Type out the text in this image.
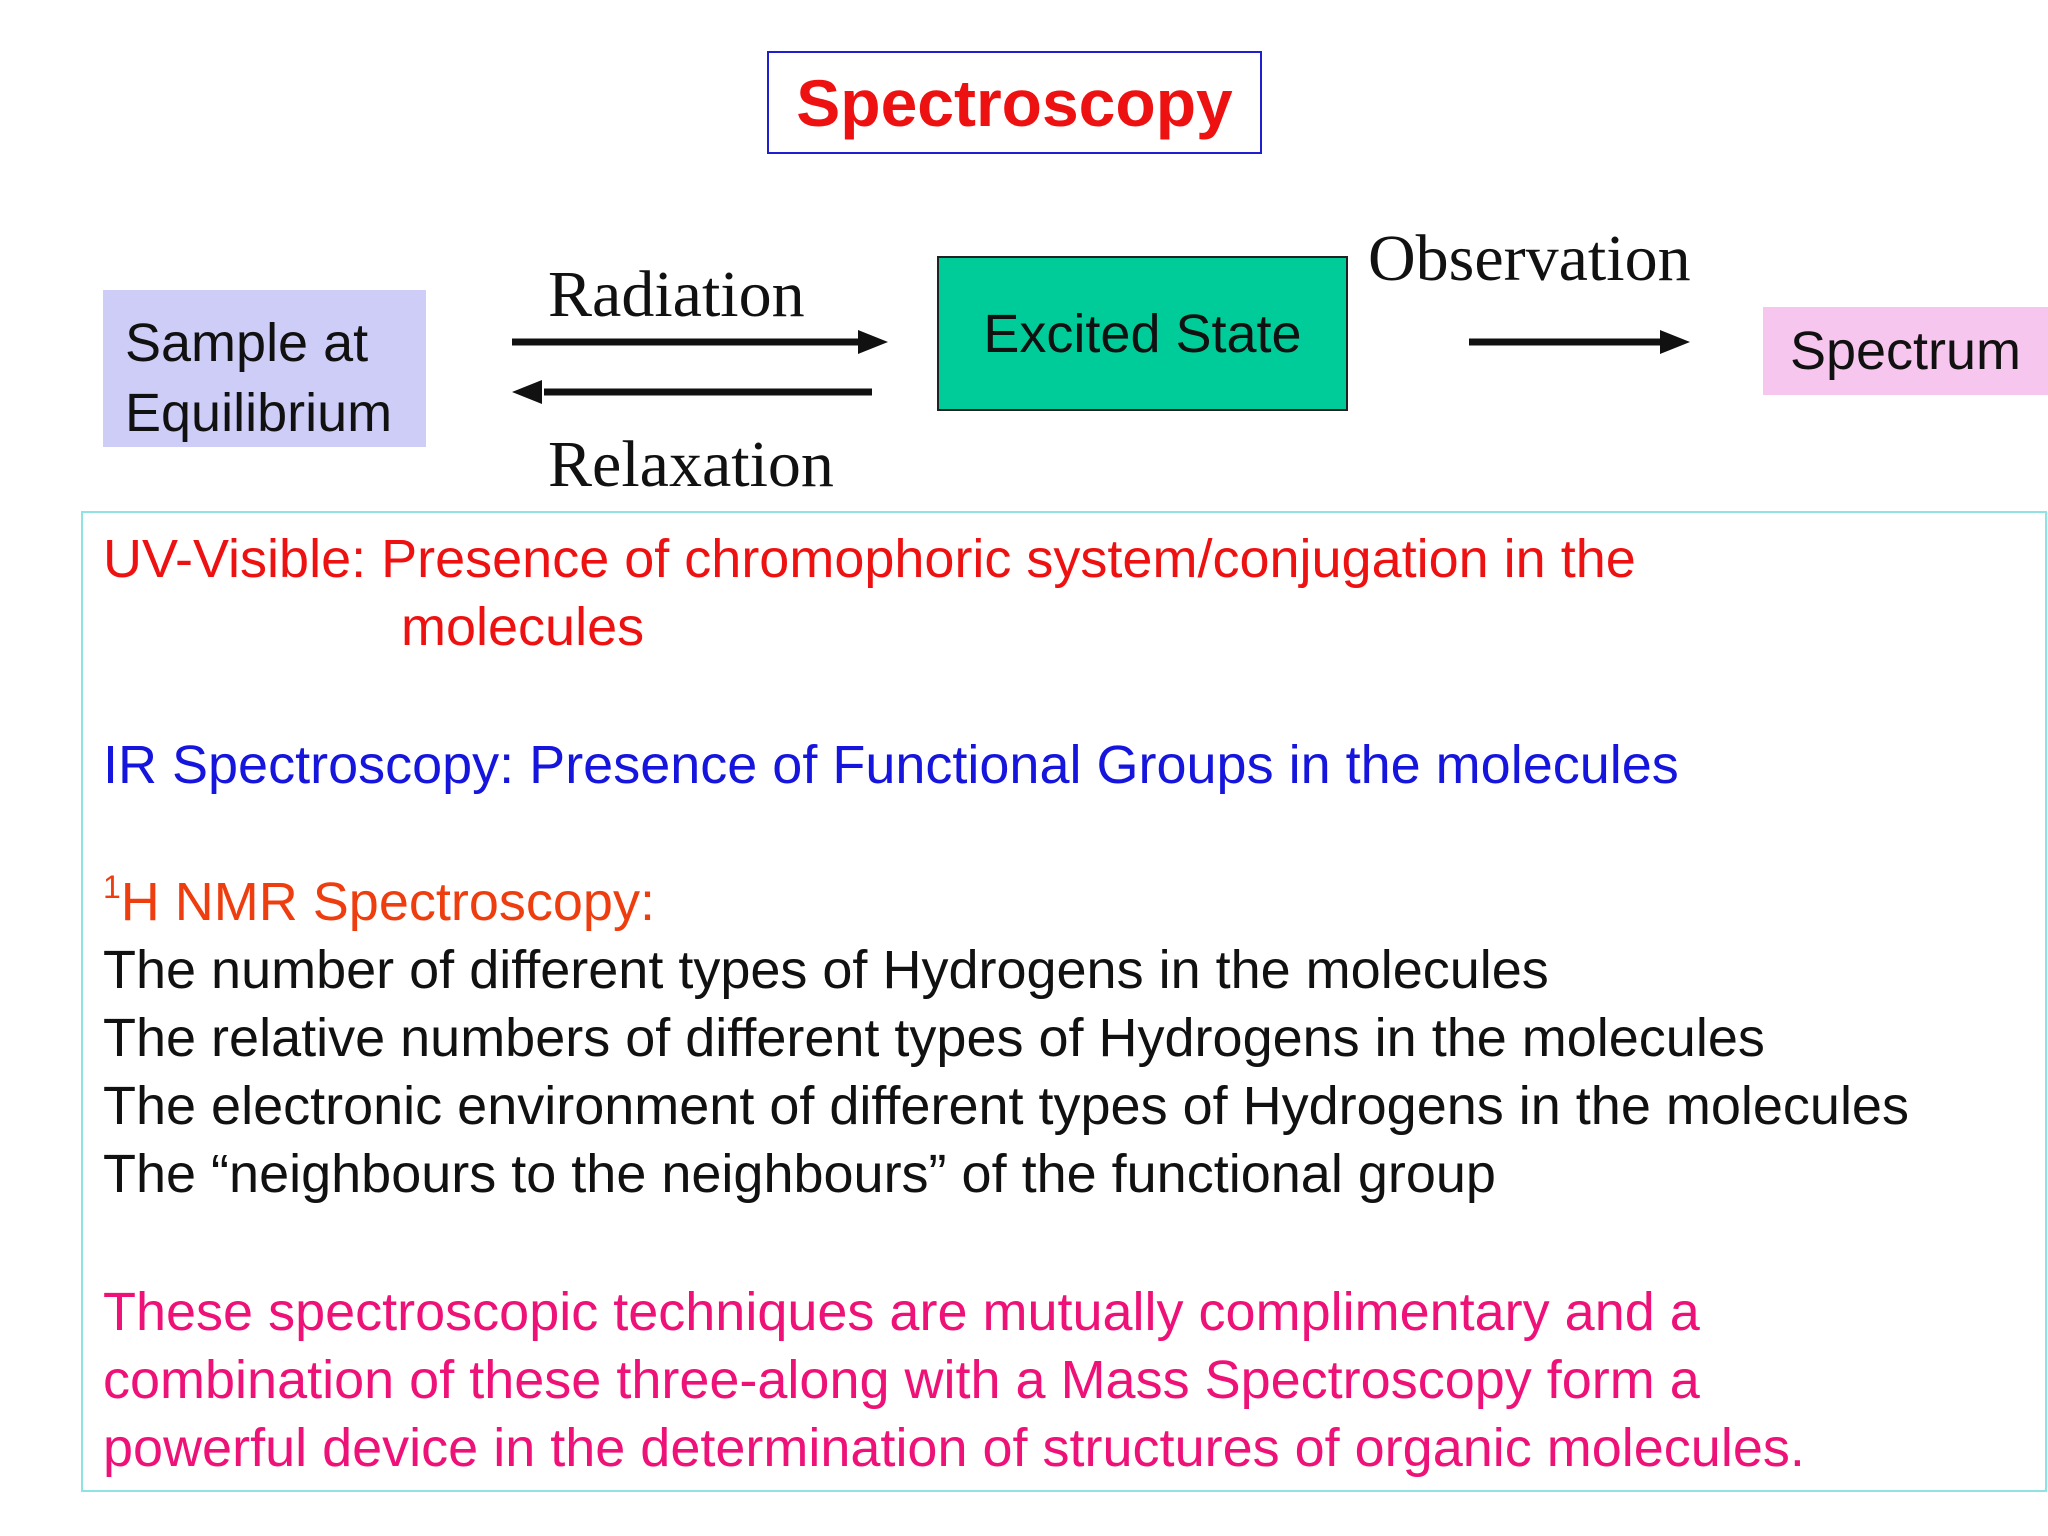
Spectroscopy
Sample at
Equilibrium
Radiation
Relaxation
Excited State
Observation
Spectrum
UV-Visible: Presence of chromophoric system/conjugation in the
molecules
IR Spectroscopy: Presence of Functional Groups in the molecules
$^1$H NMR Spectroscopy:
The number of different types of Hydrogens in the molecules
The relative numbers of different types of Hydrogens in the molecules
The electronic environment of different types of Hydrogens in the molecules
The “neighbours to the neighbours” of the functional group
These spectroscopic techniques are mutually complimentary and a
combination of these three-along with a Mass Spectroscopy form a
powerful device in the determination of structures of organic molecules.
